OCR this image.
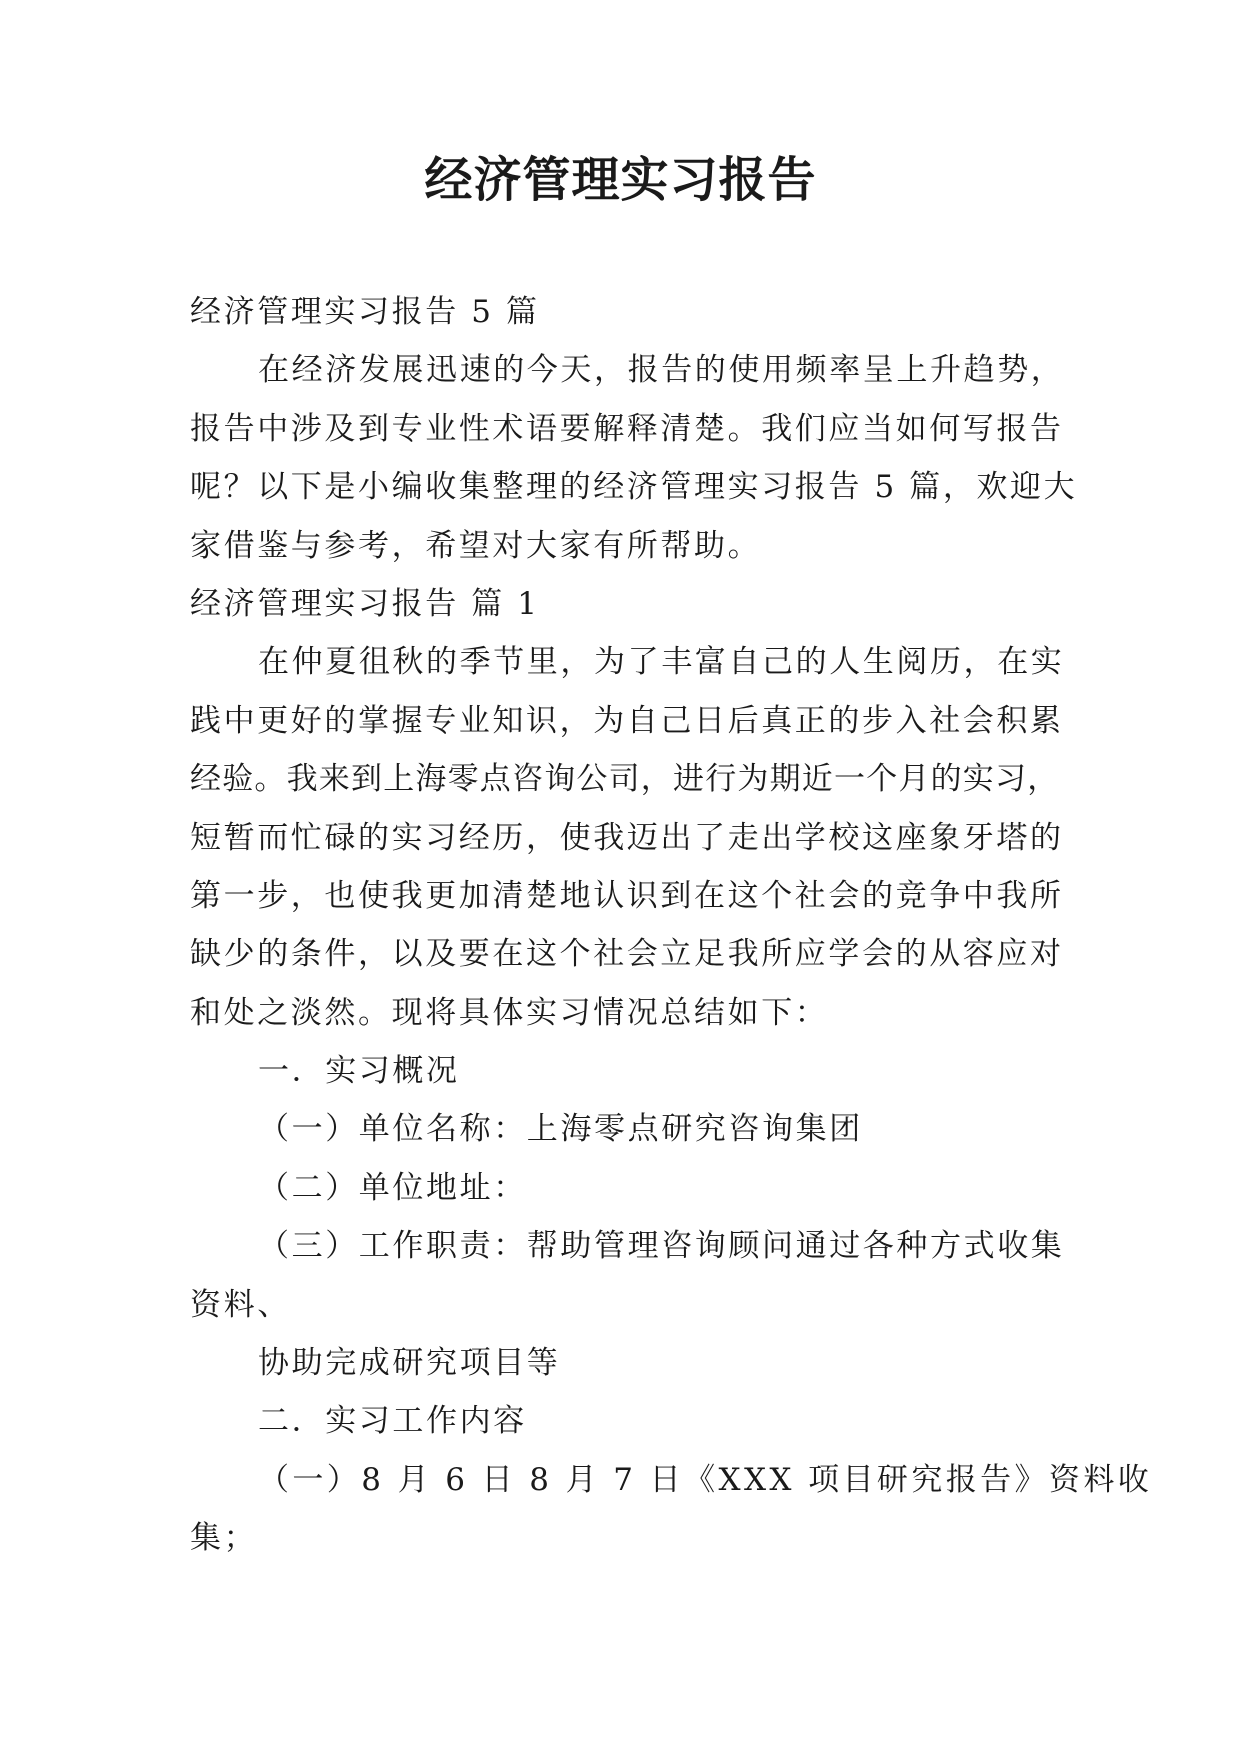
经济管理实习报告

经济管理实习报告 5 篇

在经济发展迅速的今天，报告的使用频率呈上升趋势，

报告中涉及到专业性术语要解释清楚。我们应当如何写报告

呢？以下是小编收集整理的经济管理实习报告 5 篇，欢迎大

家借鉴与参考，希望对大家有所帮助。

经济管理实习报告 篇 1

在仲夏徂秋的季节里，为了丰富自己的人生阅历，在实

践中更好的掌握专业知识，为自己日后真正的步入社会积累

经验。我来到上海零点咨询公司，进行为期近一个月的实习，

短暂而忙碌的实习经历，使我迈出了走出学校这座象牙塔的

第一步，也使我更加清楚地认识到在这个社会的竞争中我所

缺少的条件，以及要在这个社会立足我所应学会的从容应对

和处之淡然。现将具体实习情况总结如下：

一．实习概况

（一）单位名称：上海零点研究咨询集团

（二）单位地址：

（三）工作职责：帮助管理咨询顾问通过各种方式收集

资料、

协助完成研究项目等

二．实习工作内容

（一）8 月 6 日 8 月 7 日《XXX 项目研究报告》资料收

集；
